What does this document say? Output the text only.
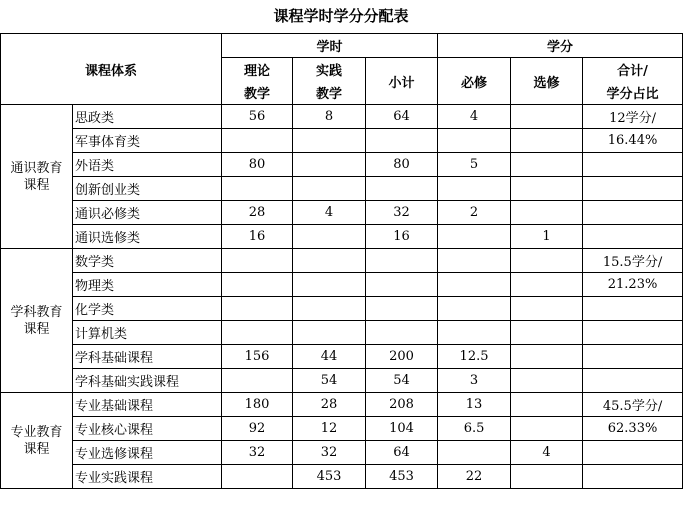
课程学时学分分配表
课程体系		学时			学分		
		理论	实践	小计	必修	选修	合计/
		教学	教学				学分占比
通识教育
课程	思政类	56	8	64	4		12学分/
	军事体育类						16.44%
	外语类	80		80	5		
	创新创业类						
	通识必修类	28	4	32	2		
	通识选修类	16		16		1	
学科教育
课程	数学类						15.5学分/
	物理类						21.23%
	化学类						
	计算机类						
	学科基础课程	156	44	200	12.5		
	学科基础实践课程		54	54	3		
专业教育
课程	专业基础课程	180	28	208	13		45.5学分/
	专业核心课程	92	12	104	6.5		62.33%
	专业选修课程	32	32	64		4	
	专业实践课程		453	453	22		
